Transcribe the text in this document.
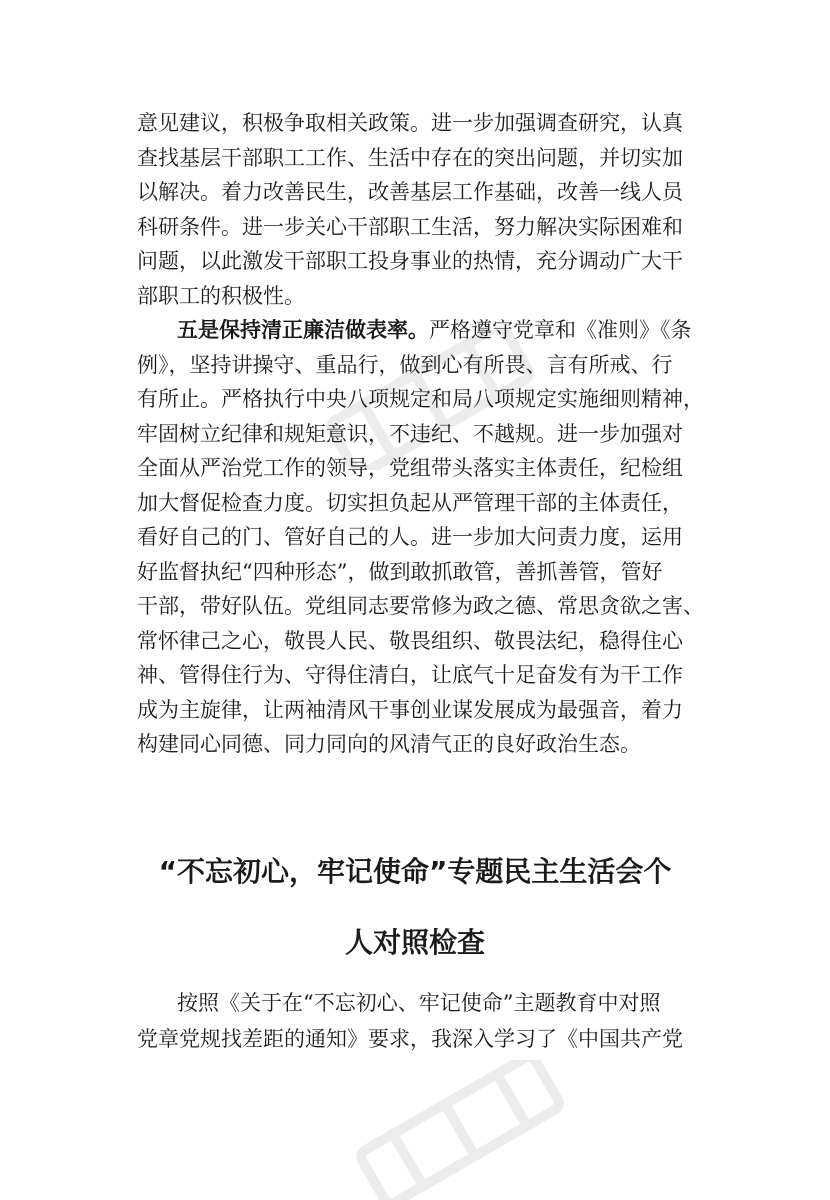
意见建议，积极争取相关政策。进一步加强调查研究，认真
查找基层干部职工工作、生活中存在的突出问题，并切实加
以解决。着力改善民生，改善基层工作基础，改善一线人员
科研条件。进一步关心干部职工生活，努力解决实际困难和
问题，以此激发干部职工投身事业的热情，充分调动广大干
部职工的积极性。
五是保持清正廉洁做表率。严格遵守党章和《准则》《条
例》，坚持讲操守、重品行，做到心有所畏、言有所戒、行
有所止。严格执行中央八项规定和局八项规定实施细则精神，
牢固树立纪律和规矩意识，不违纪、不越规。进一步加强对
全面从严治党工作的领导，党组带头落实主体责任，纪检组
加大督促检查力度。切实担负起从严管理干部的主体责任，
看好自己的门、管好自己的人。进一步加大问责力度，运用
好监督执纪“四种形态”，做到敢抓敢管，善抓善管，管好
干部，带好队伍。党组同志要常修为政之德、常思贪欲之害、
常怀律己之心，敬畏人民、敬畏组织、敬畏法纪，稳得住心
神、管得住行为、守得住清白，让底气十足奋发有为干工作
成为主旋律，让两袖清风干事创业谋发展成为最强音，着力
构建同心同德、同力同向的风清气正的良好政治生态。
“不忘初心，牢记使命”专题民主生活会个
人对照检查
按照《关于在“不忘初心、牢记使命”主题教育中对照
党章党规找差距的通知》要求，我深入学习了《中国共产党
